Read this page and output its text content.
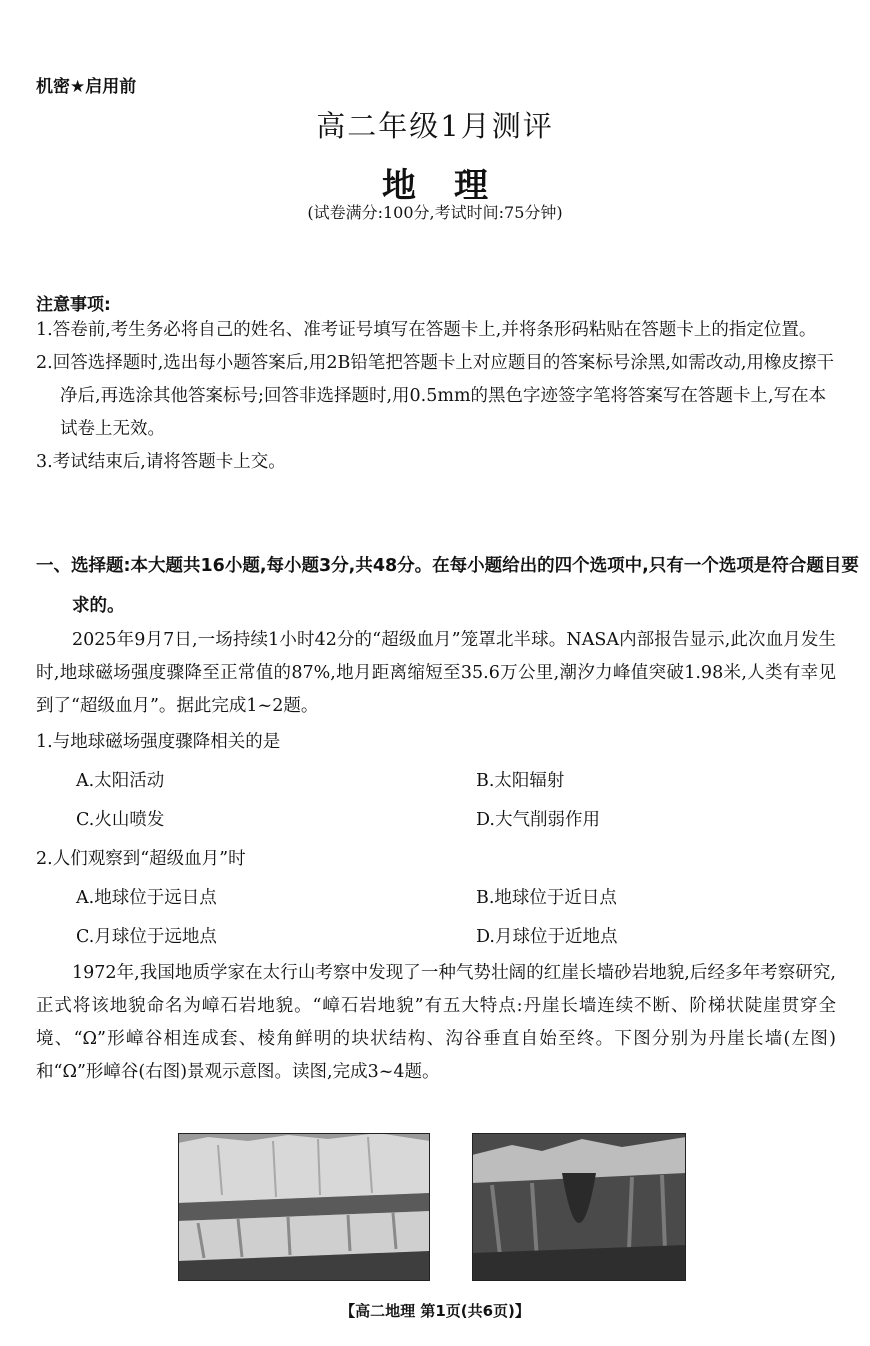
机密★启用前
高二年级1月测评
地理
(试卷满分:100分,考试时间:75分钟)
注意事项:

1.答卷前,考生务必将自己的姓名、准考证号填写在答题卡上,并将条形码粘贴在答题卡上的指定位置。

2.回答选择题时,选出每小题答案后,用2B铅笔把答题卡上对应题目的答案标号涂黑,如需改动,用橡皮擦干净后,再选涂其他答案标号;回答非选择题时,用0.5mm的黑色字迹签字笔将答案写在答题卡上,写在本试卷上无效。

3.考试结束后,请将答题卡上交。

一、选择题:本大题共16小题,每小题3分,共48分。在每小题给出的四个选项中,只有一个选项是符合题目要求的。

2025年9月7日,一场持续1小时42分的“超级血月”笼罩北半球。NASA内部报告显示,此次血月发生时,地球磁场强度骤降至正常值的87%,地月距离缩短至35.6万公里,潮汐力峰值突破1.98米,人类有幸见到了“超级血月”。据此完成1~2题。

1.与地球磁场强度骤降相关的是

A.太阳活动	B.太阳辐射
C.火山喷发	D.大气削弱作用

2.人们观察到“超级血月”时

A.地球位于远日点	B.地球位于近日点
C.月球位于远地点	D.月球位于近地点

1972年,我国地质学家在太行山考察中发现了一种气势壮阔的红崖长墙砂岩地貌,后经多年考察研究,正式将该地貌命名为嶂石岩地貌。“嶂石岩地貌”有五大特点:丹崖长墙连续不断、阶梯状陡崖贯穿全境、“Ω”形嶂谷相连成套、棱角鲜明的块状结构、沟谷垂直自始至终。下图分别为丹崖长墙(左图)和“Ω”形嶂谷(右图)景观示意图。读图,完成3~4题。

【高二地理 第1页(共6页)】
